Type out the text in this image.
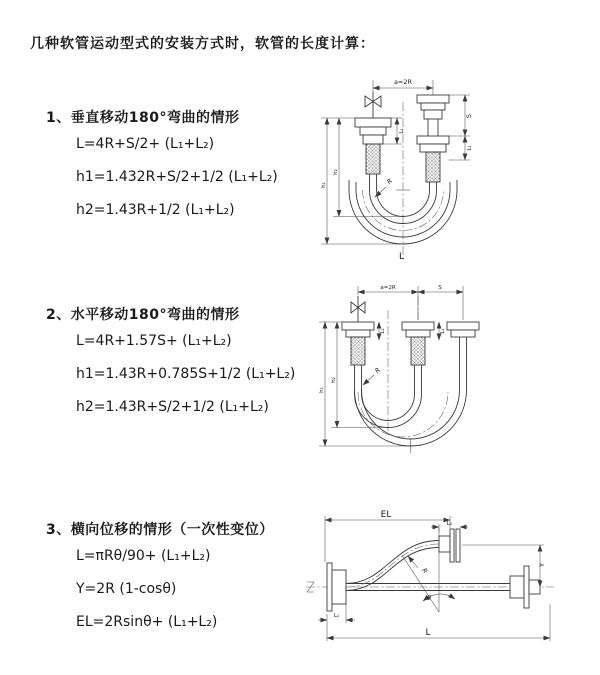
几种软管运动型式的安装方式时，软管的长度计算：
1、垂直移动180°弯曲的情形
L=4R+S/2+ (L₁+L₂)
h1=1.432R+S/2+1/2 (L₁+L₂)
h2=1.43R+1/2 (L₁+L₂)
2、水平移动180°弯曲的情形
L=4R+1.57S+ (L₁+L₂)
h1=1.43R+0.785S+1/2 (L₁+L₂)
h2=1.43R+S/2+1/2 (L₁+L₂)
3、横向位移的情形（一次性变位）
L=πRθ/90+ (L₁+L₂)
Y=2R (1-cosθ)
EL=2Rsinθ+ (L₁+L₂)
a=2R
L₁
S
L₁
h₁
h₂
R
L
a=2R	S
L₁	L₁
h₁
h₂
R
EL
L₁
Y
L
L₁
θ
R
